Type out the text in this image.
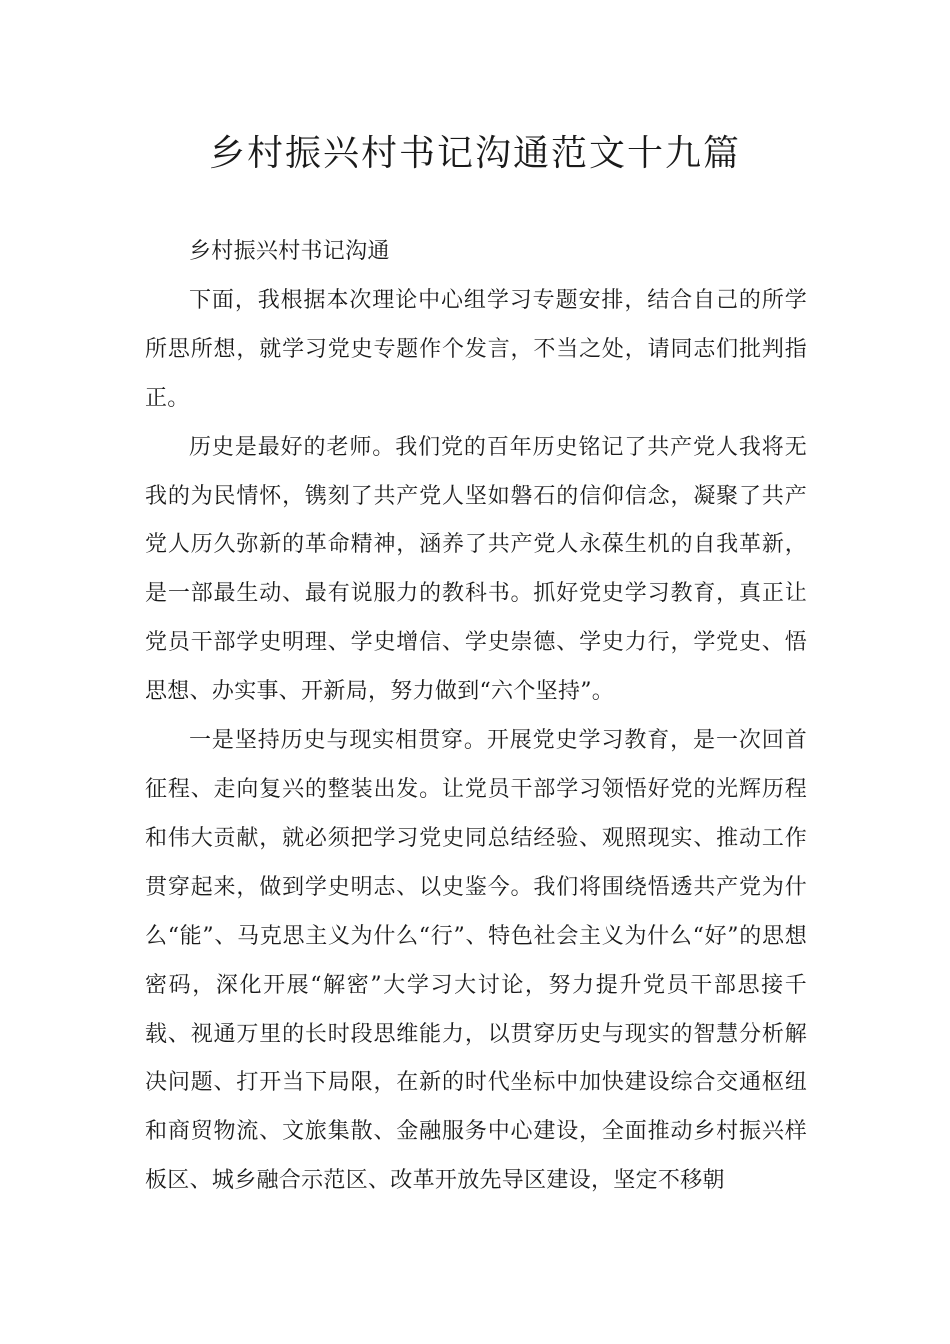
乡村振兴村书记沟通范文十九篇

乡村振兴村书记沟通

下面，我根据本次理论中心组学习专题安排，结合自己的所学所思所想，就学习党史专题作个发言，不当之处，请同志们批判指正。

历史是最好的老师。我们党的百年历史铭记了共产党人我将无我的为民情怀，镌刻了共产党人坚如磐石的信仰信念，凝聚了共产党人历久弥新的革命精神，涵养了共产党人永葆生机的自我革新，是一部最生动、最有说服力的教科书。抓好党史学习教育，真正让党员干部学史明理、学史增信、学史崇德、学史力行，学党史、悟思想、办实事、开新局，努力做到“六个坚持”。

一是坚持历史与现实相贯穿。开展党史学习教育，是一次回首征程、走向复兴的整装出发。让党员干部学习领悟好党的光辉历程和伟大贡献，就必须把学习党史同总结经验、观照现实、推动工作贯穿起来，做到学史明志、以史鉴今。我们将围绕悟透共产党为什么“能”、马克思主义为什么“行”、特色社会主义为什么“好”的思想密码，深化开展“解密”大学习大讨论，努力提升党员干部思接千载、视通万里的长时段思维能力，以贯穿历史与现实的智慧分析解决问题、打开当下局限，在新的时代坐标中加快建设综合交通枢纽和商贸物流、文旅集散、金融服务中心建设，全面推动乡村振兴样板区、城乡融合示范区、改革开放先导区建设，坚定不移朝
